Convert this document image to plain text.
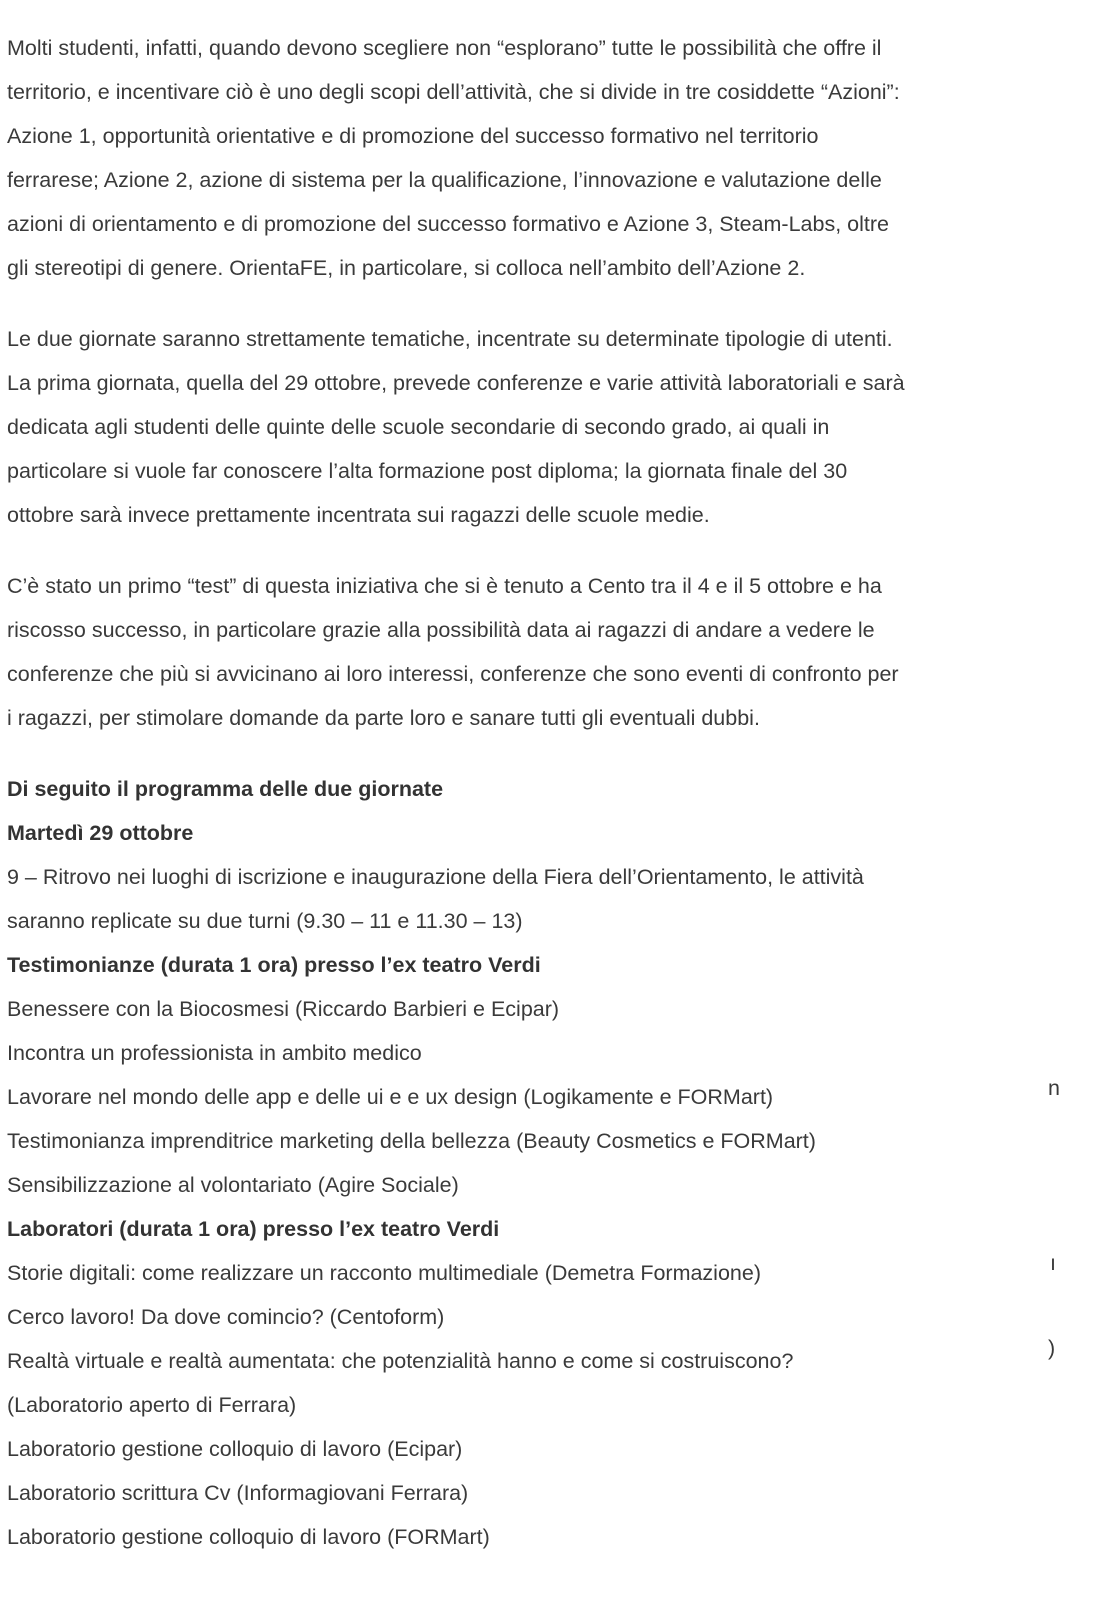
Molti studenti, infatti, quando devono scegliere non “esplorano” tutte le possibilità che offre il
territorio, e incentivare ciò è uno degli scopi dell’attività, che si divide in tre cosiddette “Azioni”:
Azione 1, opportunità orientative e di promozione del successo formativo nel territorio
ferrarese; Azione 2, azione di sistema per la qualificazione, l’innovazione e valutazione delle
azioni di orientamento e di promozione del successo formativo e Azione 3, Steam-Labs, oltre
gli stereotipi di genere. OrientaFE, in particolare, si colloca nell’ambito dell’Azione 2.

Le due giornate saranno strettamente tematiche, incentrate su determinate tipologie di utenti.
La prima giornata, quella del 29 ottobre, prevede conferenze e varie attività laboratoriali e sarà
dedicata agli studenti delle quinte delle scuole secondarie di secondo grado, ai quali in
particolare si vuole far conoscere l’alta formazione post diploma; la giornata finale del 30
ottobre sarà invece prettamente incentrata sui ragazzi delle scuole medie.

C’è stato un primo “test” di questa iniziativa che si è tenuto a Cento tra il 4 e il 5 ottobre e ha
riscosso successo, in particolare grazie alla possibilità data ai ragazzi di andare a vedere le
conferenze che più si avvicinano ai loro interessi, conferenze che sono eventi di confronto per
i ragazzi, per stimolare domande da parte loro e sanare tutti gli eventuali dubbi.

Di seguito il programma delle due giornate
Martedì 29 ottobre
9 – Ritrovo nei luoghi di iscrizione e inaugurazione della Fiera dell’Orientamento, le attività
saranno replicate su due turni (9.30 – 11 e 11.30 – 13)
Testimonianze (durata 1 ora) presso l’ex teatro Verdi
Benessere con la Biocosmesi (Riccardo Barbieri e Ecipar)
Incontra un professionista in ambito medico
Lavorare nel mondo delle app e delle ui e e ux design (Logikamente e FORMart)
Testimonianza imprenditrice marketing della bellezza (Beauty Cosmetics e FORMart)
Sensibilizzazione al volontariato (Agire Sociale)
Laboratori (durata 1 ora) presso l’ex teatro Verdi
Storie digitali: come realizzare un racconto multimediale (Demetra Formazione)
Cerco lavoro! Da dove comincio? (Centoform)
Realtà virtuale e realtà aumentata: che potenzialità hanno e come si costruiscono?
(Laboratorio aperto di Ferrara)
Laboratorio gestione colloquio di lavoro (Ecipar)
Laboratorio scrittura Cv (Informagiovani Ferrara)
Laboratorio gestione colloquio di lavoro (FORMart)
n
ı
)
